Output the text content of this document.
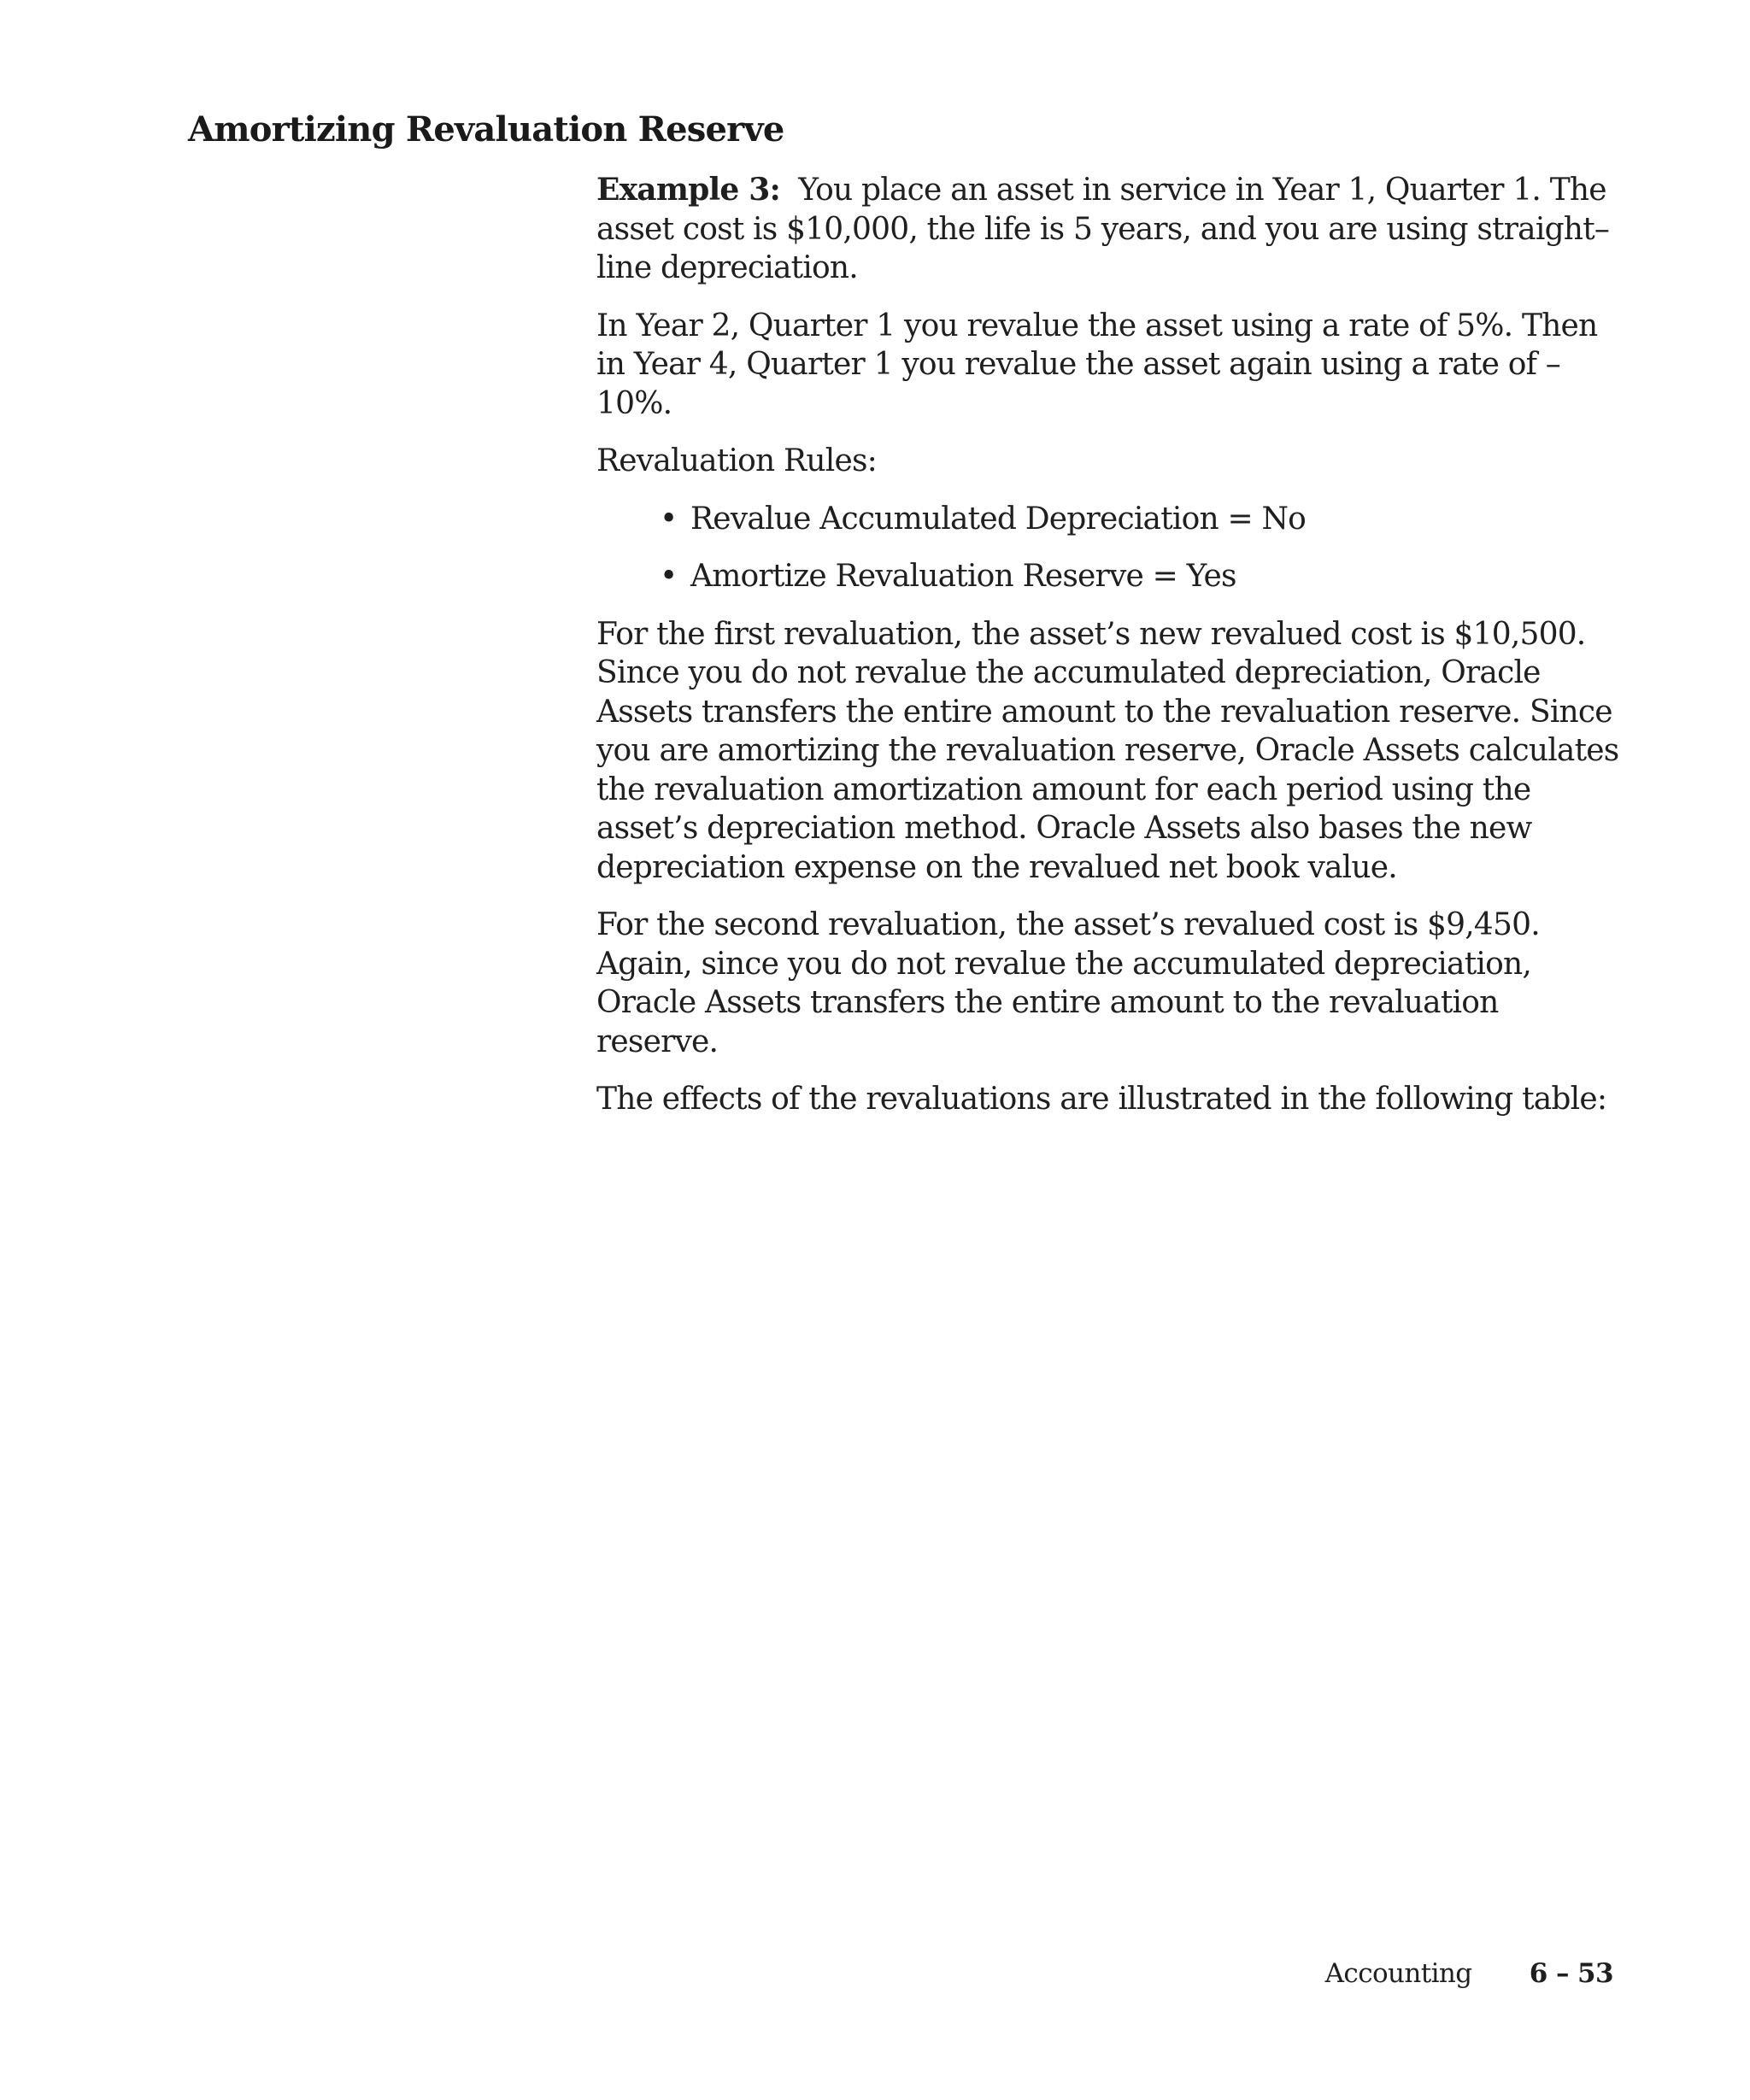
Amortizing Revaluation Reserve

Example 3: You place an asset in service in Year 1, Quarter 1. The asset cost is $10,000, the life is 5 years, and you are using straight–line depreciation.

In Year 2, Quarter 1 you revalue the asset using a rate of 5%. Then in Year 4, Quarter 1 you revalue the asset again using a rate of –10%.

Revaluation Rules:

• Revalue Accumulated Depreciation = No
• Amortize Revaluation Reserve = Yes

For the first revaluation, the asset’s new revalued cost is $10,500. Since you do not revalue the accumulated depreciation, Oracle Assets transfers the entire amount to the revaluation reserve. Since you are amortizing the revaluation reserve, Oracle Assets calculates the revaluation amortization amount for each period using the asset’s depreciation method. Oracle Assets also bases the new depreciation expense on the revalued net book value.

For the second revaluation, the asset’s revalued cost is $9,450. Again, since you do not revalue the accumulated depreciation, Oracle Assets transfers the entire amount to the revaluation reserve.

The effects of the revaluations are illustrated in the following table:

Accounting 6 – 53
